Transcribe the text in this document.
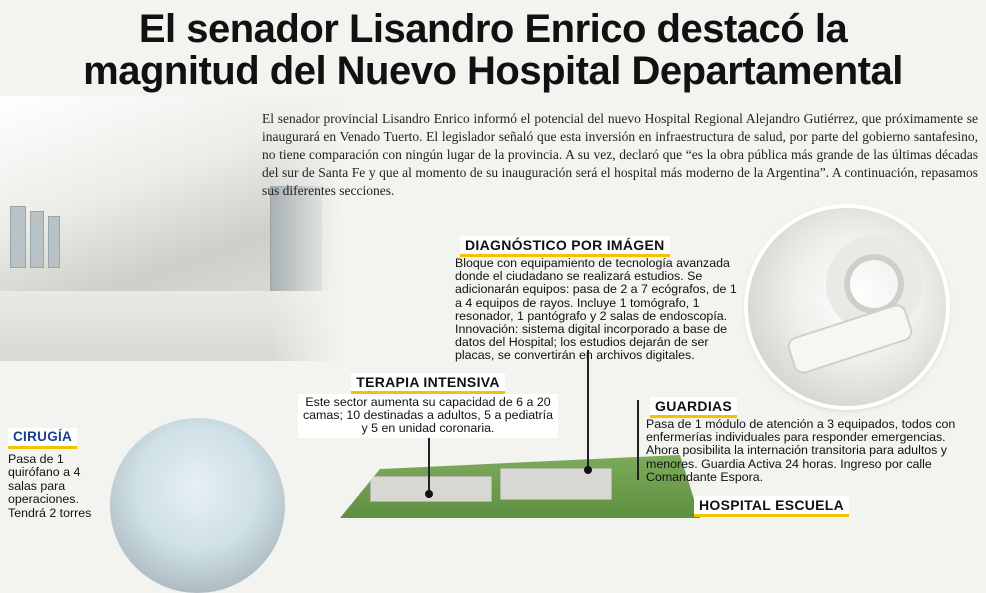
El senador Lisandro Enrico destacó la
magnitud del Nuevo Hospital Departamental

El senador provincial Lisandro Enrico informó el potencial del nuevo Hospital Regional Alejandro Gutiérrez, que próximamente se inaugurará en Venado Tuerto. El legislador señaló que esta inversión en infraestructura de salud, por parte del gobierno santafesino, no tiene comparación con ningún lugar de la provincia. A su vez, declaró que “es la obra pública más grande de las últimas décadas del sur de Santa Fe y que al momento de su inauguración será el hospital más moderno de la Argentina”. A continuación, repasamos sus diferentes secciones.

DIAGNÓSTICO POR IMÁGEN

Bloque con equipamiento de tecnología avanzada donde el ciudadano se realizará estudios. Se adicionarán equipos: pasa de 2 a 7 ecógrafos, de 1 a 4 equipos de rayos. Incluye 1 tomógrafo, 1 resonador, 1 pantógrafo y 2 salas de endoscopía. Innovación: sistema digital incorporado a base de datos del Hospital; los estudios dejarán de ser placas, se convertirán en archivos digitales.

TERAPIA INTENSIVA

Este sector aumenta su capacidad de 6 a 20 camas; 10 destinadas a adultos, 5 a pediatría y 5 en unidad coronaria.

GUARDIAS

Pasa de 1 módulo de atención a 3 equipados, todos con enfermerías individuales para responder emergencias. Ahora posibilita la internación transitoria para adultos y menores. Guardia Activa 24 horas. Ingreso por calle Comandante Espora.

CIRUGÍA

Pasa de 1 quirófano a 4 salas para operaciones. Tendrá 2 torres	HOSPITAL ESCUELA
